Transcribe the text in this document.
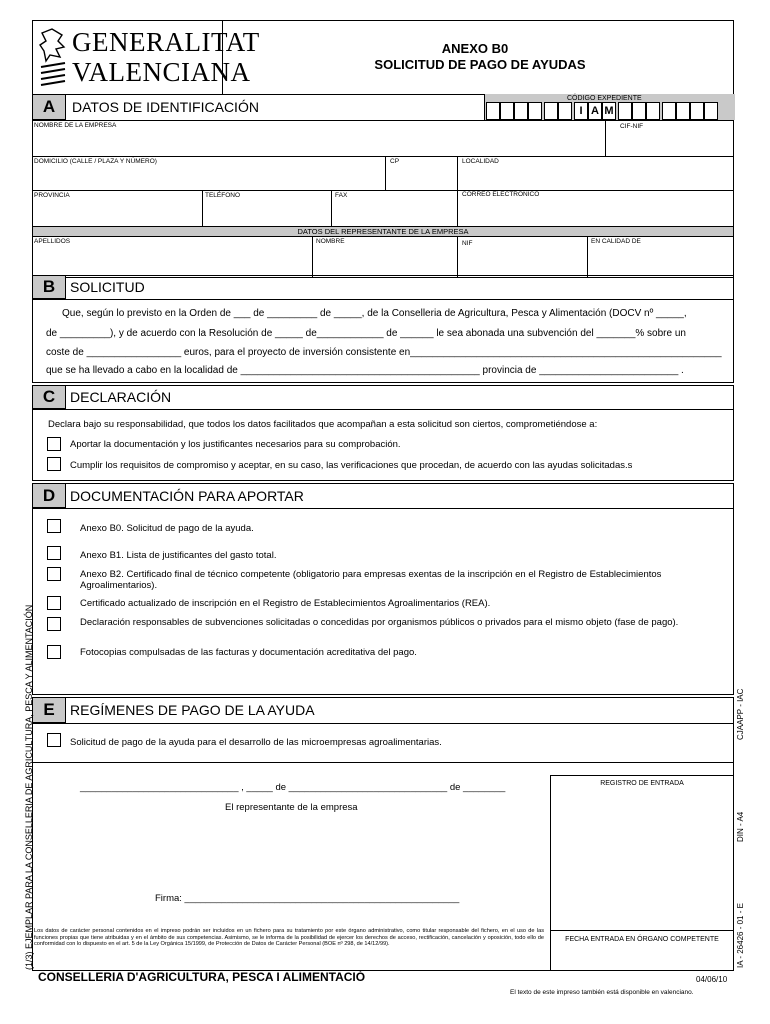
GENERALITAT
VALENCIANA
ANEXO B0
SOLICITUD DE PAGO DE AYUDAS
A	DATOS DE IDENTIFICACIÓN
CÓDIGO EXPEDIENTE
I A M
NOMBRE DE LA EMPRESA	CIF-NIF
DOMICILIO (CALLE / PLAZA Y NÚMERO)	CP	LOCALIDAD
PROVINCIA	TELÉFONO	FAX	CORREO ELECTRÓNICO
DATOS DEL REPRESENTANTE DE LA EMPRESA
APELLIDOS	NOMBRE	NIF	EN CALIDAD DE
B	SOLICITUD
Que, según lo previsto en la Orden de ___ de _________ de _____, de la Conselleria de Agricultura, Pesca y Alimentación (DOCV nº _____,
de _________), y de acuerdo con la Resolución de _____ de____________ de ______ le sea abonada una subvención del _______% sobre un
coste de _________________ euros, para el proyecto de inversión consistente en________________________________________________________
que se ha llevado a cabo en la localidad de ___________________________________________ provincia de _________________________ .
C	DECLARACIÓN
Declara bajo su responsabilidad, que todos los datos facilitados que acompañan a esta solicitud son ciertos, comprometiéndose a:
Aportar la documentación y los justificantes necesarios para su comprobación.
Cumplir los requisitos de compromiso y aceptar, en su caso, las verificaciones que procedan, de acuerdo con las ayudas solicitadas.s
D	DOCUMENTACIÓN PARA APORTAR
Anexo B0. Solicitud de pago de la ayuda.
Anexo B1. Lista de justificantes del gasto total.
Anexo B2. Certificado final de técnico competente (obligatorio para empresas exentas de la inscripción en el Registro de Establecimientos Agroalimentarios).
Certificado actualizado de inscripción en el Registro de Establecimientos Agroalimentarios (REA).
Declaración responsables de subvenciones solicitadas o concedidas por organismos públicos o privados para el mismo objeto (fase de pago).
Fotocopias compulsadas de las facturas y documentación acreditativa del pago.
E	REGÍMENES DE PAGO DE LA AYUDA
Solicitud de pago de la ayuda para el desarrollo de las microempresas agroalimentarias.
______________________________ , _____ de ______________________________ de ________
El representante de la empresa
Firma: ____________________________________________________
REGISTRO DE ENTRADA
FECHA ENTRADA EN ÓRGANO COMPETENTE
Los datos de carácter personal contenidos en el impreso podrán ser incluidos en un fichero para su tratamiento por este órgano administrativo, como titular responsable del fichero, en el uso de las funciones propias que tiene atribuidas y en el ámbito de sus competencias. Asimismo, se le informa de la posibilidad de ejercer los derechos de acceso, rectificación, cancelación y oposición, todo ello de conformidad con lo dispuesto en el art. 5 de la Ley Orgánica 15/1999, de Protección de Datos de Carácter Personal (BOE nº 298, de 14/12/99).
CONSELLERIA D'AGRICULTURA, PESCA I ALIMENTACIÓ	04/06/10
El texto de este impreso también está disponible en valenciano.
(1/3) EJEMPLAR PARA LA CONSELLERIA DE AGRICULTURA, PESCA Y ALIMENTACIÓN	CJAAPP - IAC
DIN - A4
IA - 26426 - 01 - E
